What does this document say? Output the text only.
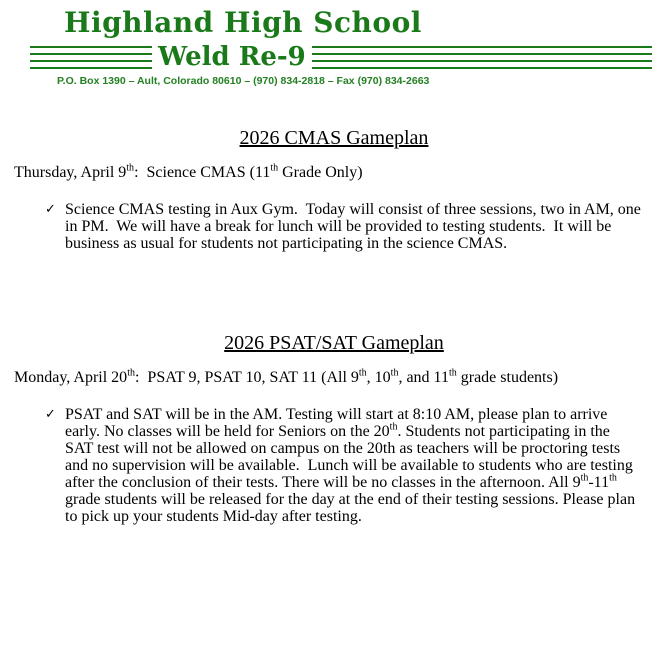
Highland High School
Weld Re-9
P.O. Box 1390 – Ault, Colorado 80610 – (970) 834-2818 – Fax (970) 834-2663
2026 CMAS Gameplan

Thursday, April 9th:  Science CMAS (11th Grade Only)

✓ Science CMAS testing in Aux Gym.  Today will consist of three sessions, two in AM, one in PM.  We will have a break for lunch will be provided to testing students.  It will be business as usual for students not participating in the science CMAS.
2026 PSAT/SAT Gameplan

Monday, April 20th:  PSAT 9, PSAT 10, SAT 11 (All 9th, 10th, and 11th grade students)

✓ PSAT and SAT will be in the AM. Testing will start at 8:10 AM, please plan to arrive early. No classes will be held for Seniors on the 20th. Students not participating in the SAT test will not be allowed on campus on the 20th as teachers will be proctoring tests and no supervision will be available.  Lunch will be available to students who are testing after the conclusion of their tests. There will be no classes in the afternoon. All 9th-11th grade students will be released for the day at the end of their testing sessions. Please plan to pick up your students Mid-day after testing.
